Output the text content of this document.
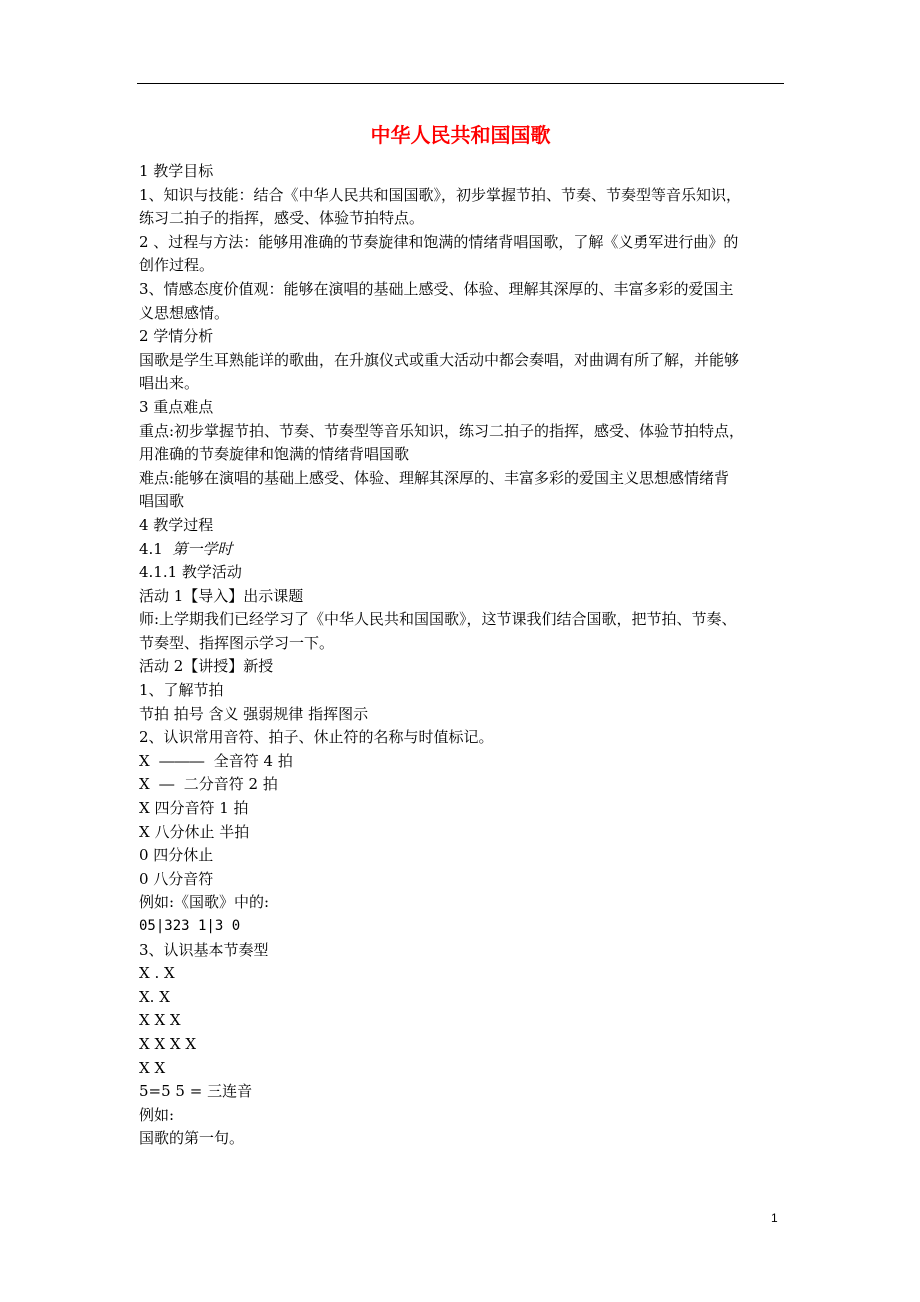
中华人民共和国国歌
1 教学目标
1、知识与技能：结合《中华人民共和国国歌》，初步掌握节拍、节奏、节奏型等音乐知识，
练习二拍子的指挥，感受、体验节拍特点。
2 、过程与方法：能够用准确的节奏旋律和饱满的情绪背唱国歌，了解《义勇军进行曲》的
创作过程。
3、情感态度价值观：能够在演唱的基础上感受、体验、理解其深厚的、丰富多彩的爱国主
义思想感情。
2 学情分析
国歌是学生耳熟能详的歌曲，在升旗仪式或重大活动中都会奏唱，对曲调有所了解，并能够
唱出来。
3 重点难点
重点:初步掌握节拍、节奏、节奏型等音乐知识，练习二拍子的指挥，感受、体验节拍特点，
用准确的节奏旋律和饱满的情绪背唱国歌
难点:能够在演唱的基础上感受、体验、理解其深厚的、丰富多彩的爱国主义思想感情绪背
唱国歌
4 教学过程
4.1  第一学时
4.1.1 教学活动
活动 1【导入】出示课题
师:上学期我们已经学习了《中华人民共和国国歌》，这节课我们结合国歌，把节拍、节奏、
节奏型、指挥图示学习一下。
活动 2【讲授】新授
1、了解节拍
节拍 拍号 含义 强弱规律 指挥图示
2、认识常用音符、拍子、休止符的名称与时值标记。
X  ―――  全音符 4 拍
X  ―  二分音符 2 拍
X 四分音符 1 拍
X 八分休止 半拍
0 四分休止
0 八分音符
例如:《国歌》中的:
05|323 1|3 0
3、认识基本节奏型
X . X
X. X
X X X
X X X X
X X
5=5 5 = 三连音
例如:
国歌的第一句。
1
